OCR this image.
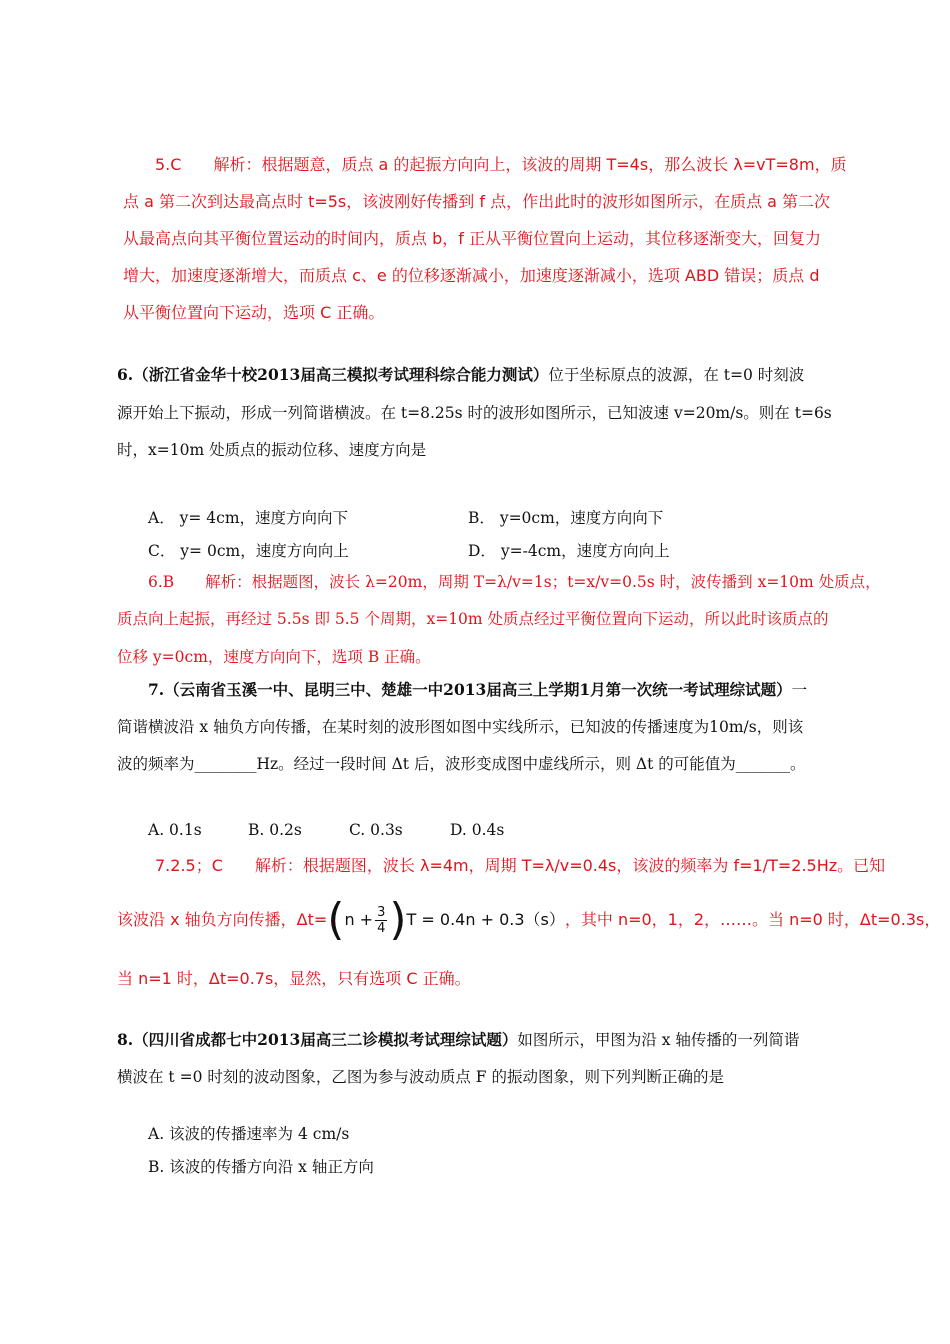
5.C　　解析：根据题意，质点 a 的起振方向向上，该波的周期 T=4s，那么波长 λ=vT=8m，质
点 a 第二次到达最高点时 t=5s，该波刚好传播到 f 点，作出此时的波形如图所示，在质点 a 第二次
从最高点向其平衡位置运动的时间内，质点 b，f 正从平衡位置向上运动，其位移逐渐变大，回复力
增大，加速度逐渐增大，而质点 c、e 的位移逐渐减小，加速度逐渐减小，选项 ABD 错误；质点 d
从平衡位置向下运动，选项 C 正确。
6.（浙江省金华十校2013届高三模拟考试理科综合能力测试）位于坐标原点的波源，在 t=0 时刻波
源开始上下振动，形成一列简谐横波。在 t=8.25s 时的波形如图所示，已知波速 v=20m/s。则在 t=6s
时，x=10m 处质点的振动位移、速度方向是
A． y= 4cm，速度方向向下	B． y=0cm，速度方向向下
C． y= 0cm，速度方向向上	D． y=-4cm，速度方向向上
6.B　　解析：根据题图，波长 λ=20m，周期 T=λ/v=1s；t=x/v=0.5s 时，波传播到 x=10m 处质点，
质点向上起振，再经过 5.5s 即 5.5 个周期，x=10m 处质点经过平衡位置向下运动，所以此时该质点的
位移 y=0cm，速度方向向下，选项 B 正确。
7.（云南省玉溪一中、昆明三中、楚雄一中2013届高三上学期1月第一次统一考试理综试题）一
简谐横波沿 x 轴负方向传播，在某时刻的波形图如图中实线所示，已知波的传播速度为10m/s，则该
波的频率为________Hz。经过一段时间 Δt 后，波形变成图中虚线所示，则 Δt 的可能值为_______。
A. 0.1s	B. 0.2s	C. 0.3s	D. 0.4s
7.2.5；C　　解析：根据题图，波长 λ=4m，周期 T=λ/v=0.4s，该波的频率为 f=1/T=2.5Hz。已知
该波沿 x 轴负方向传播，Δt= ( $n + \frac{3}{4}$ ) T = 0.4n + 0.3（s） ，其中 n=0，1，2，……。当 n=0 时，Δt=0.3s，
当 n=1 时，Δt=0.7s，显然，只有选项 C 正确。
8.（四川省成都七中2013届高三二诊模拟考试理综试题）如图所示，甲图为沿 x 轴传播的一列简谐
横波在 t =0 时刻的波动图象，乙图为参与波动质点 F 的振动图象，则下列判断正确的是
A. 该波的传播速率为 4 cm/s
B. 该波的传播方向沿 x 轴正方向
